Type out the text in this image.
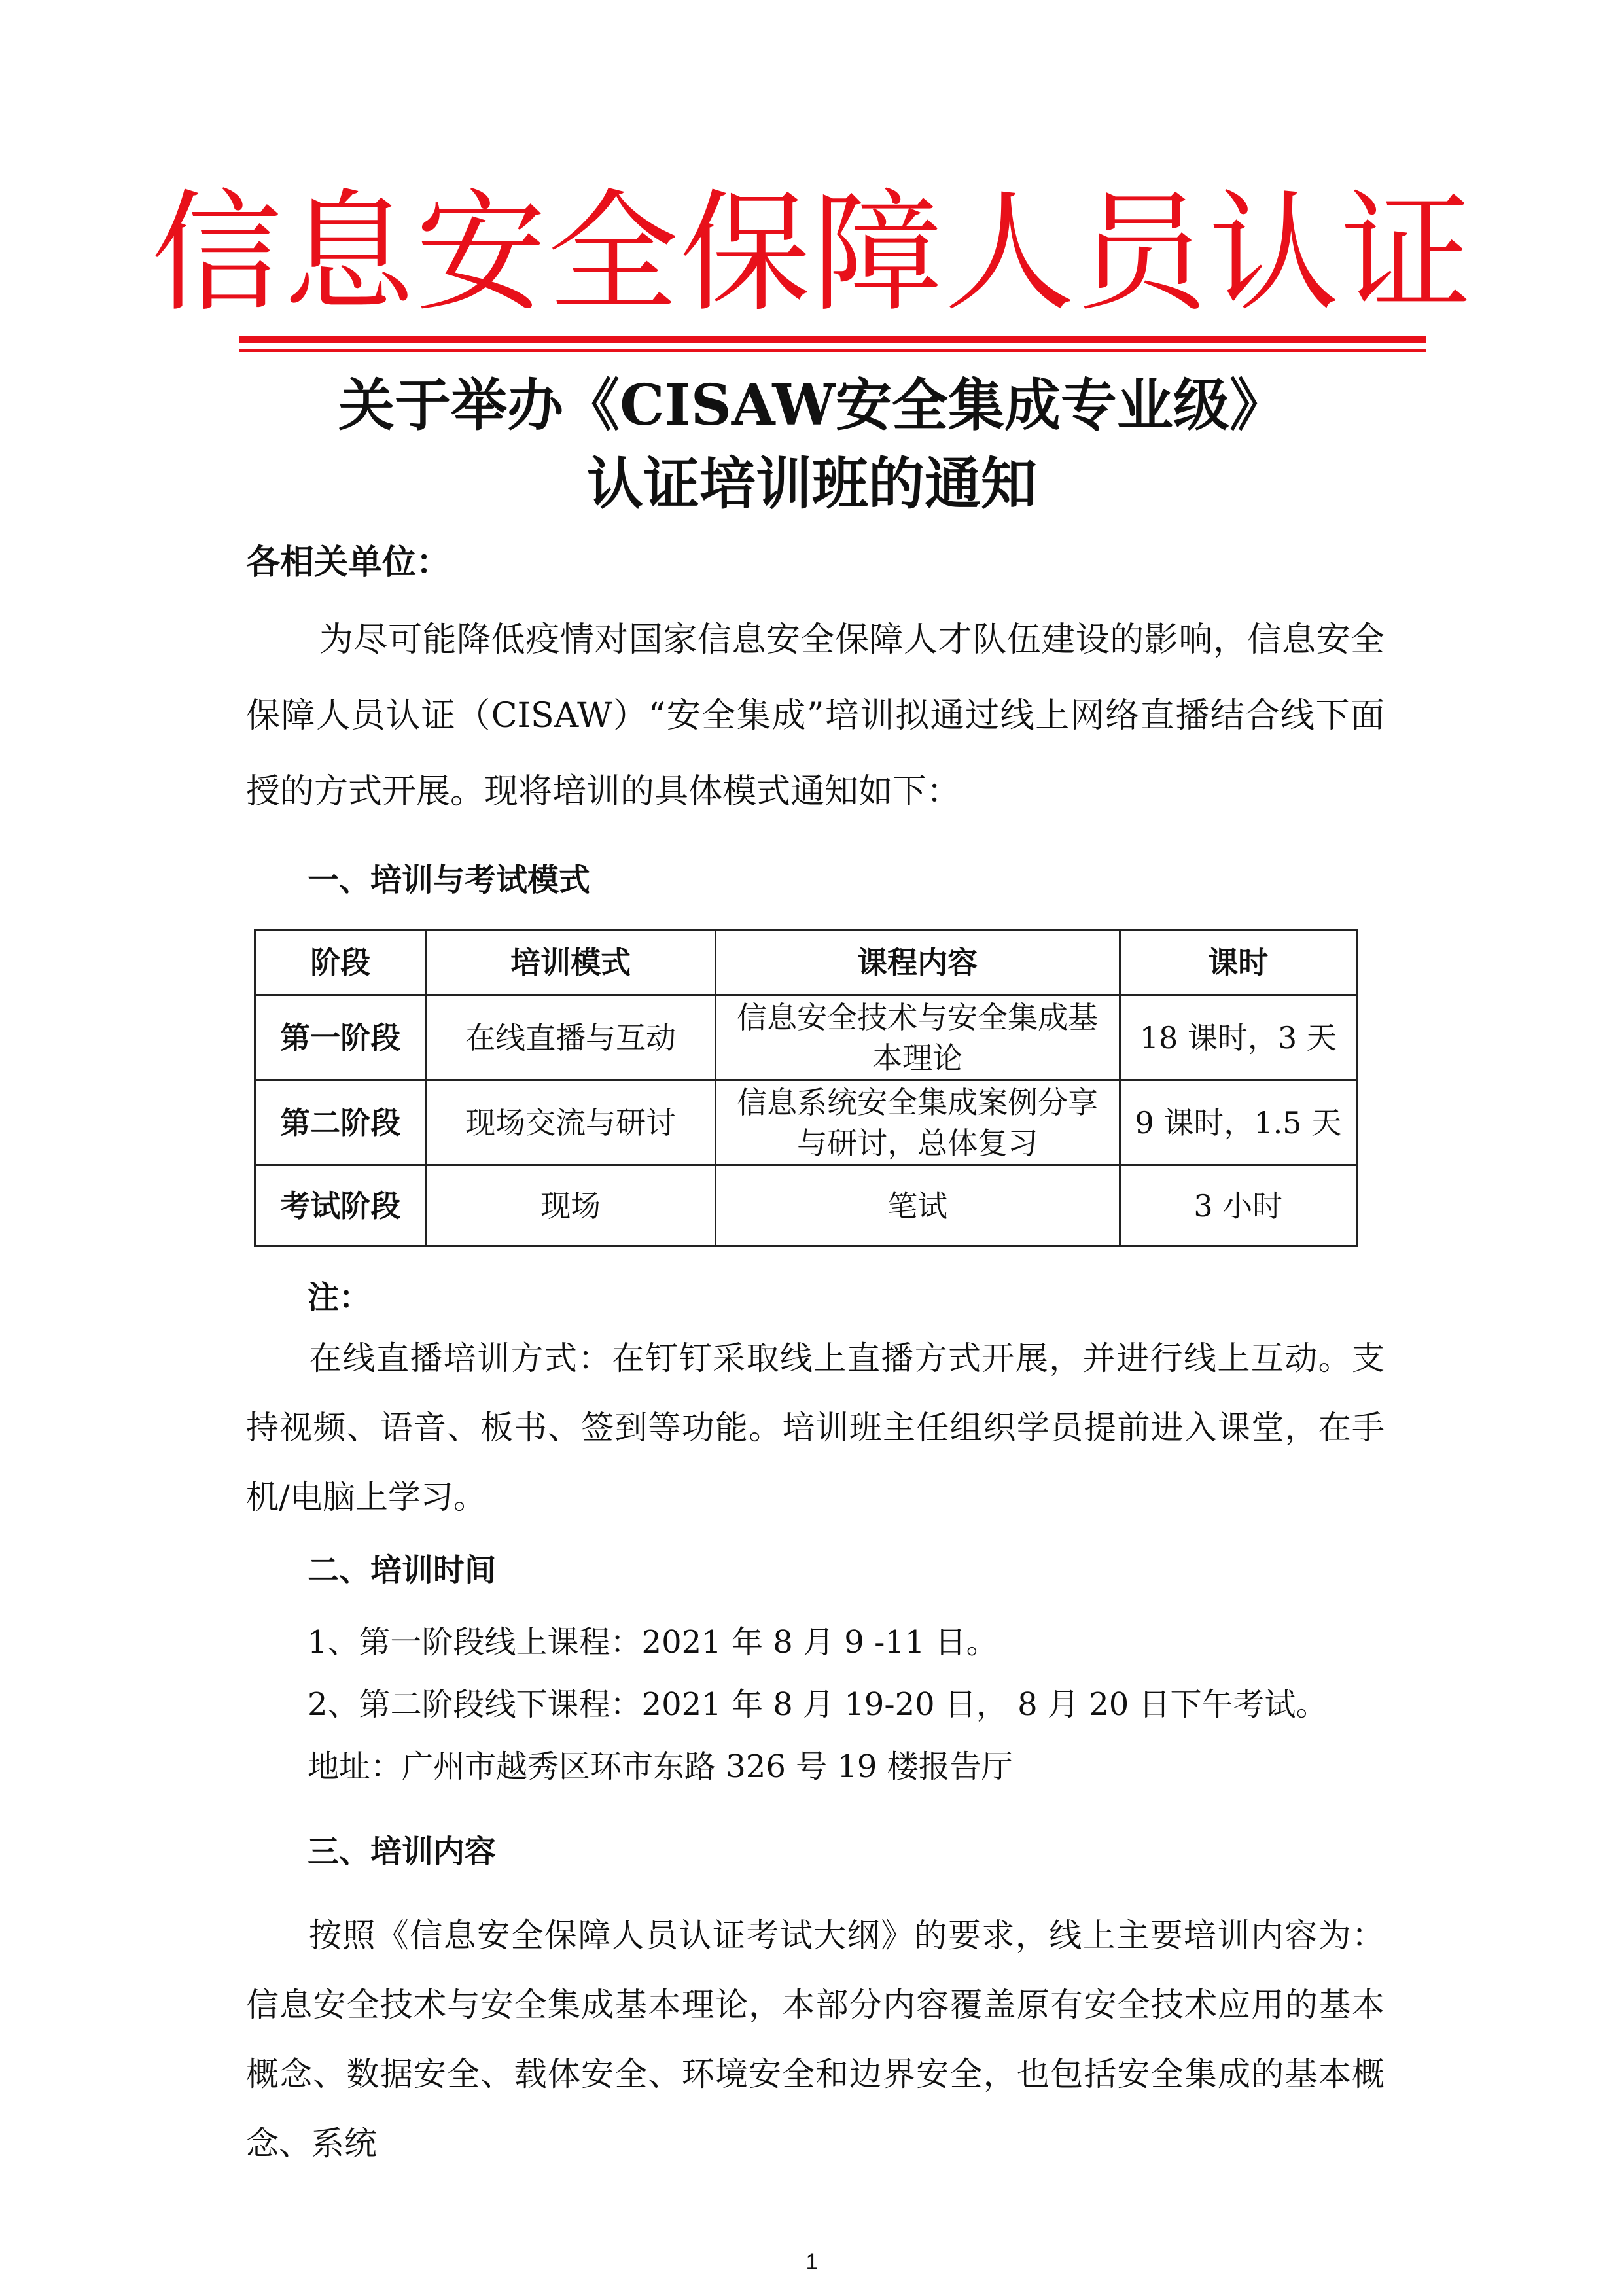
信息安全保障人员认证
关于举办《CISAW安全集成专业级》
认证培训班的通知
各相关单位：
为尽可能降低疫情对国家信息安全保障人才队伍建设的影响，信息安全保障人员认证（CISAW）“安全集成”培训拟通过线上网络直播结合线下面授的方式开展。现将培训的具体模式通知如下：
一、培训与考试模式
阶段	培训模式	课程内容	课时
第一阶段	在线直播与互动	信息安全技术与安全集成基本理论	18 课时，3 天
第二阶段	现场交流与研讨	信息系统安全集成案例分享与研讨，总体复习	9 课时，1.5 天
考试阶段	现场	笔试	3 小时
注：
在线直播培训方式：在钉钉采取线上直播方式开展，并进行线上互动。支持视频、语音、板书、签到等功能。培训班主任组织学员提前进入课堂，在手机/电脑上学习。
二、培训时间
1、第一阶段线上课程：2021 年 8 月 9 -11 日。
2、第二阶段线下课程：2021 年 8 月 19-20 日， 8 月 20 日下午考试。
地址：广州市越秀区环市东路 326 号 19 楼报告厅
三、培训内容
按照《信息安全保障人员认证考试大纲》的要求，线上主要培训内容为：信息安全技术与安全集成基本理论，本部分内容覆盖原有安全技术应用的基本概念、数据安全、载体安全、环境安全和边界安全，也包括安全集成的基本概念、系统
1
